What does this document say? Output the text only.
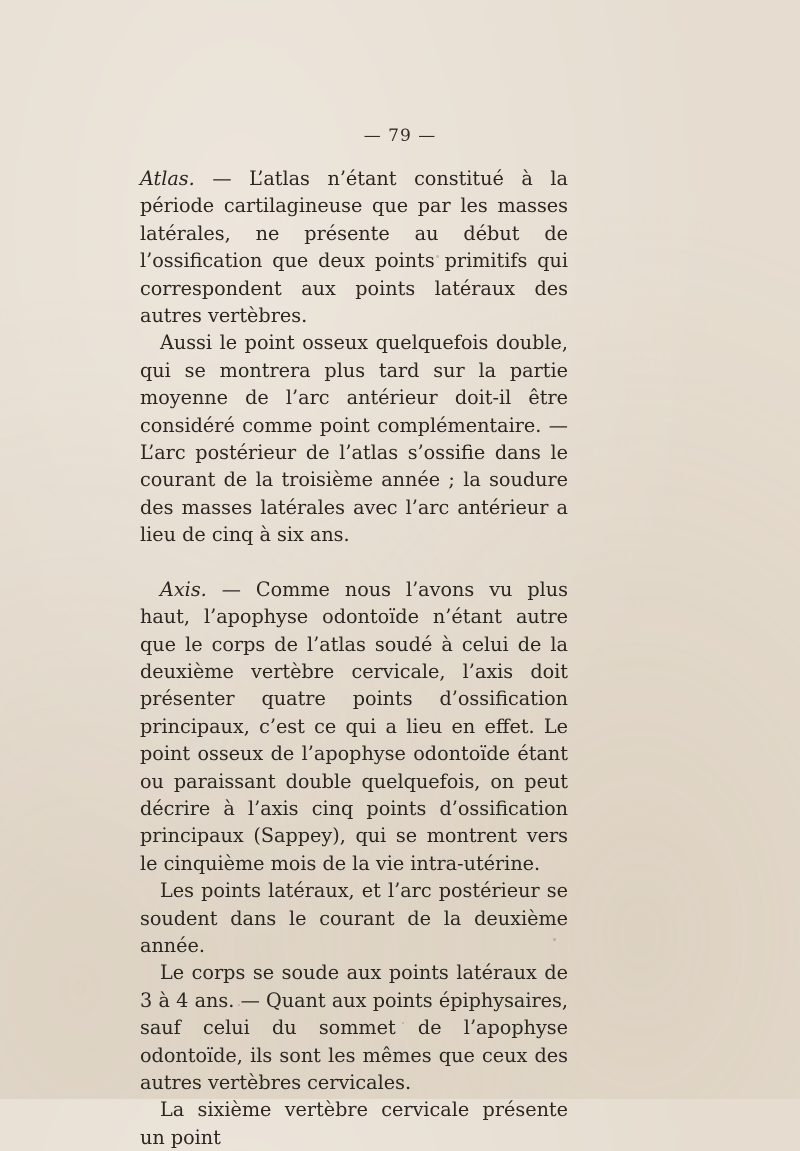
— 79 —

Atlas. — L’atlas n’étant constitué à la période cartilagineuse que par les masses latérales, ne présente au début de l’ossification que deux points primitifs qui correspondent aux points latéraux des autres vertèbres.

Aussi le point osseux quelquefois double, qui se montrera plus tard sur la partie moyenne de l’arc antérieur doit-il être considéré comme point complémentaire. — L’arc postérieur de l’atlas s’ossifie dans le courant de la troisième année ; la soudure des masses latérales avec l’arc antérieur a lieu de cinq à six ans.

Axis. — Comme nous l’avons vu plus haut, l’apophyse odontoïde n’étant autre que le corps de l’atlas soudé à celui de la deuxième vertèbre cervicale, l’axis doit présenter quatre points d’ossification principaux, c’est ce qui a lieu en effet. Le point osseux de l’apophyse odontoïde étant ou paraissant double quelquefois, on peut décrire à l’axis cinq points d’ossification principaux (Sappey), qui se montrent vers le cinquième mois de la vie intra-utérine.

Les points latéraux, et l’arc postérieur se soudent dans le courant de la deuxième année.

Le corps se soude aux points latéraux de 3 à 4 ans. — Quant aux points épiphysaires, sauf celui du sommet de l’apophyse odontoïde, ils sont les mêmes que ceux des autres vertèbres cervicales.

La sixième vertèbre cervicale présente un point
